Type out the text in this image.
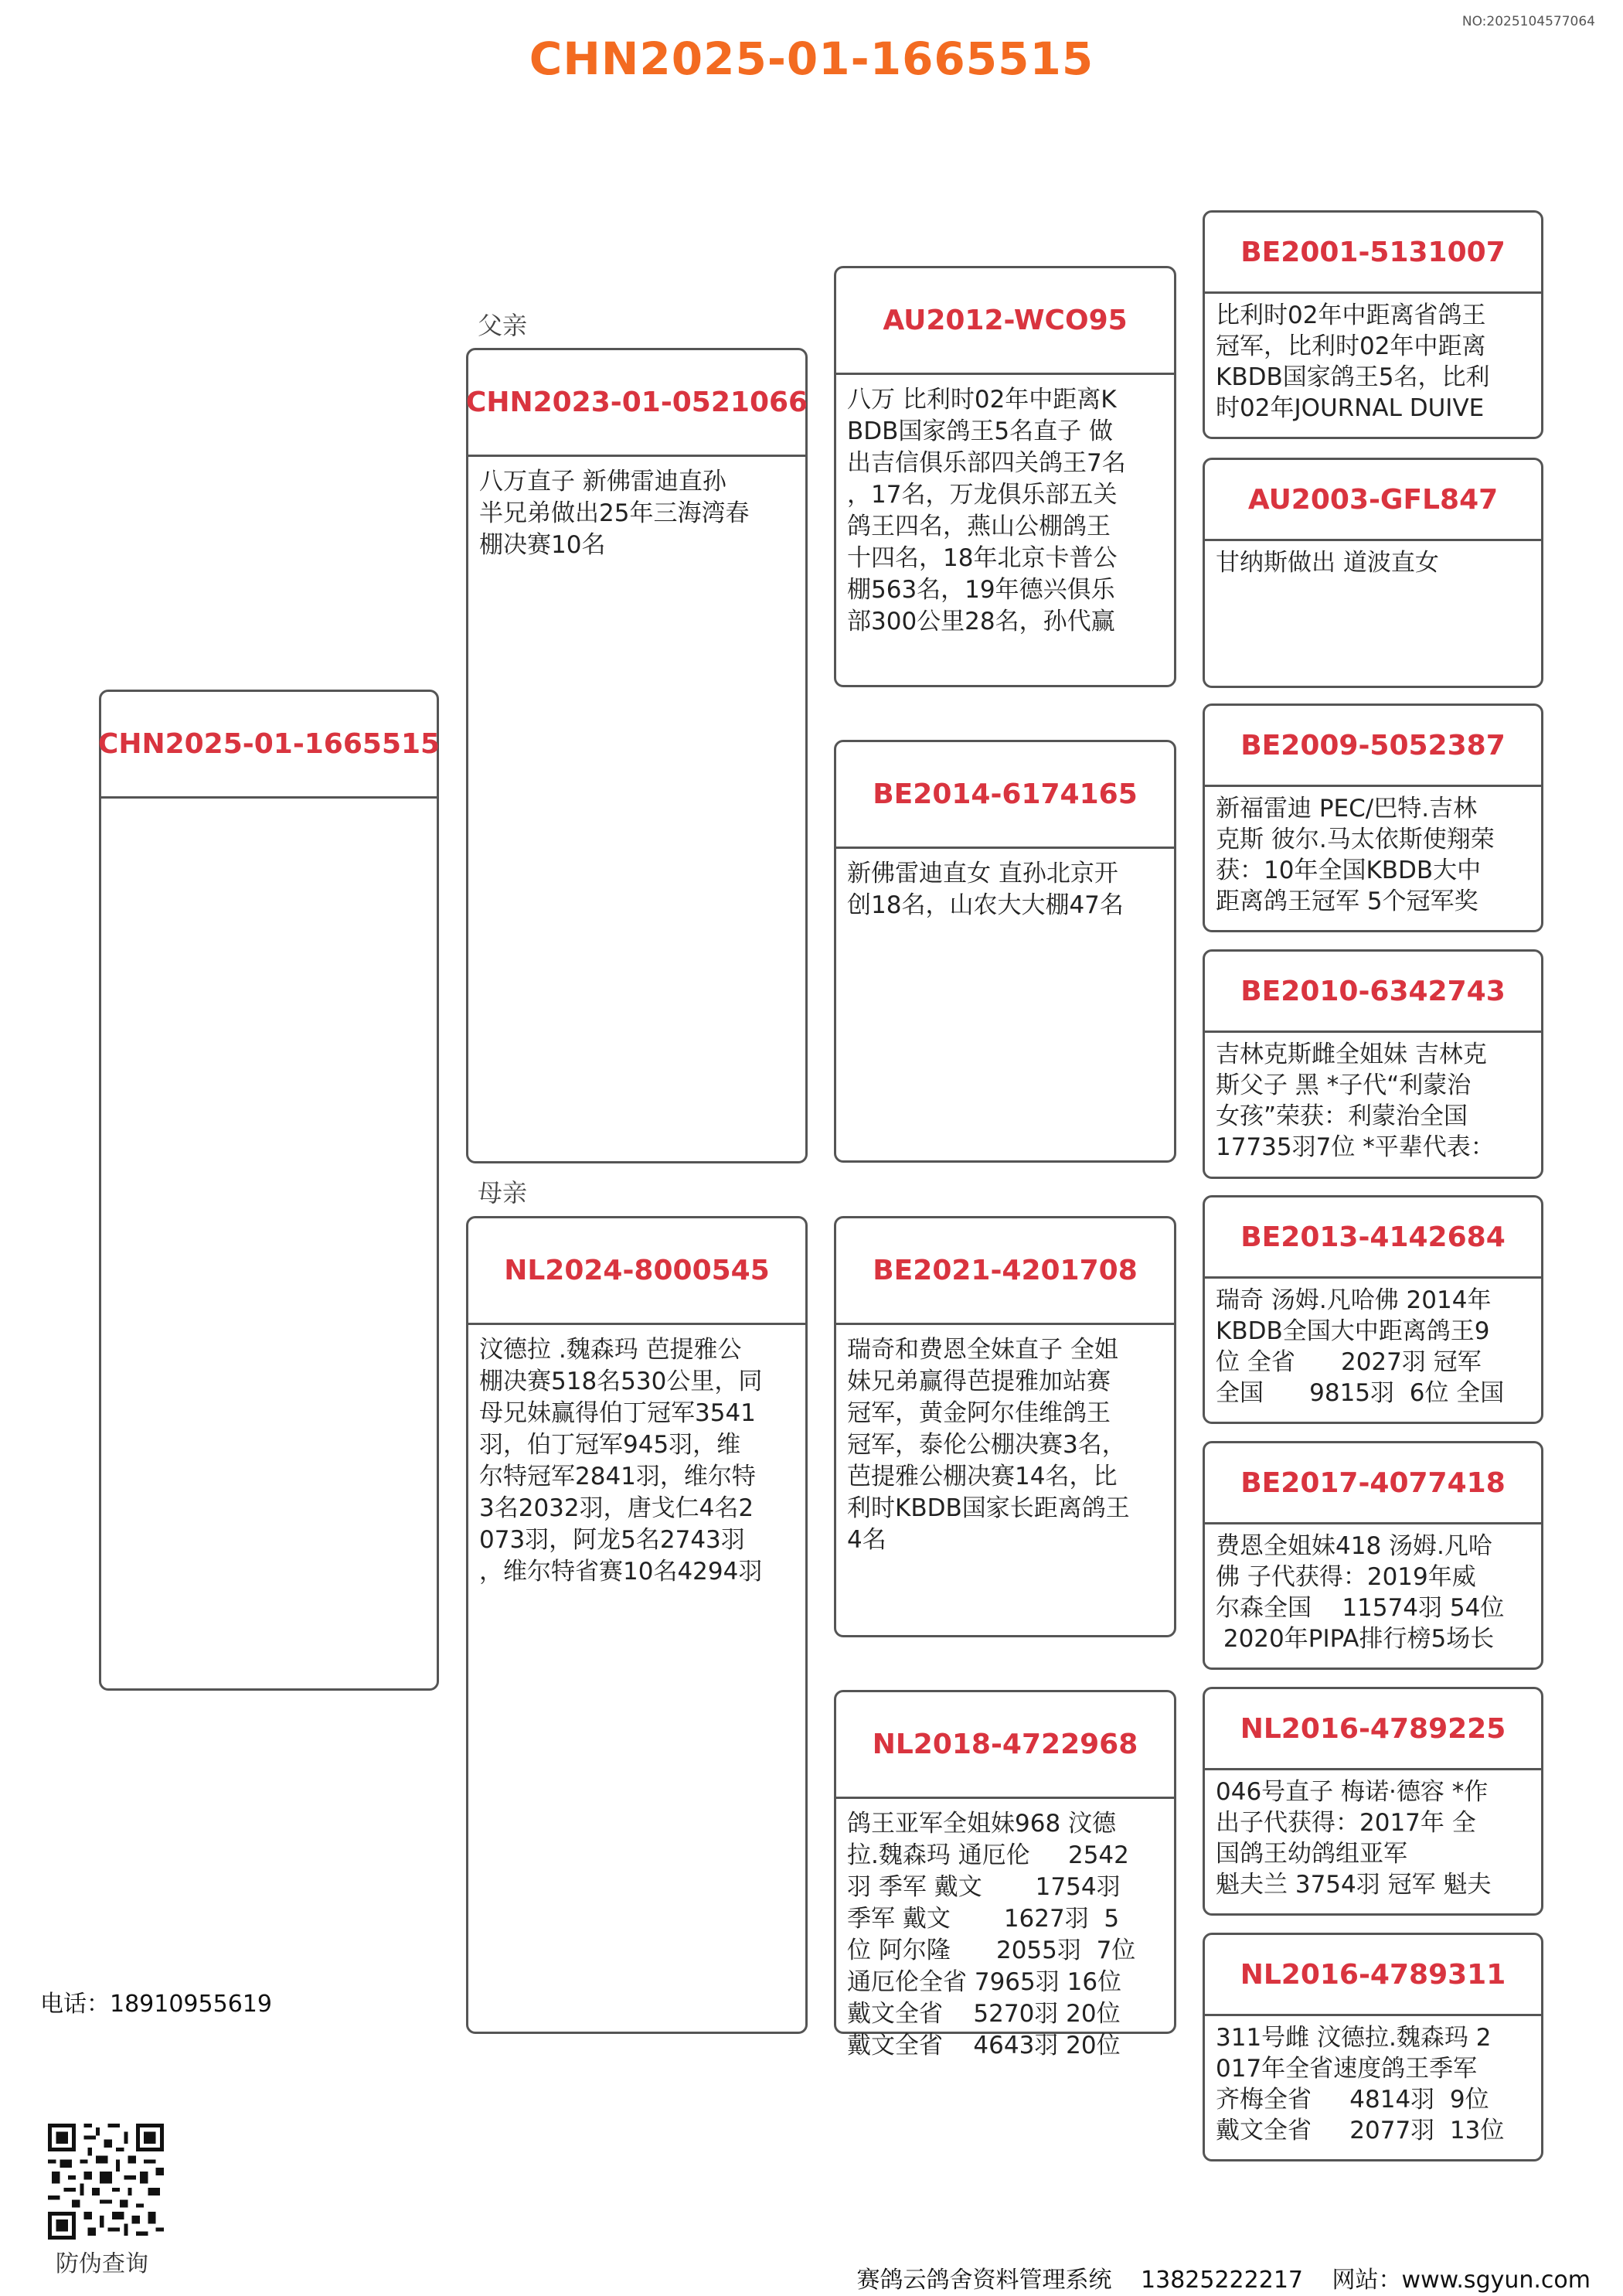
NO:2025104577064
CHN2025-01-1665515
CHN2025-01-1665515
父亲
CHN2023-01-0521066
八万直子 新佛雷迪直孙
半兄弟做出25年三海湾春
棚决赛10名
母亲
NL2024-8000545
汶德拉 .魏森玛 芭提雅公
棚决赛518名530公里，同
母兄妹赢得伯丁冠军3541
羽，伯丁冠军945羽，维
尔特冠军2841羽，维尔特
3名2032羽，唐戈仁4名2
073羽，阿龙5名2743羽
，维尔特省赛10名4294羽
AU2012-WCO95
八万 比利时02年中距离K
BDB国家鸽王5名直子 做
出吉信俱乐部四关鸽王7名
，17名，万龙俱乐部五关
鸽王四名，燕山公棚鸽王
十四名，18年北京卡普公
棚563名，19年德兴俱乐
部300公里28名，孙代赢
BE2014-6174165
新佛雷迪直女 直孙北京开
创18名，山农大大棚47名
BE2021-4201708
瑞奇和费恩全妹直子 全姐
妹兄弟赢得芭提雅加站赛
冠军，黄金阿尔佳维鸽王
冠军，泰伦公棚决赛3名，
芭提雅公棚决赛14名，比
利时KBDB国家长距离鸽王
4名
NL2018-4722968
鸽王亚军全姐妹968 汶德
拉.魏森玛 通厄伦     2542
羽 季军 戴文       1754羽
季军 戴文       1627羽  5
位 阿尔隆      2055羽  7位
通厄伦全省 7965羽 16位
戴文全省    5270羽 20位
戴文全省    4643羽 20位
BE2001-5131007
比利时02年中距离省鸽王
冠军，比利时02年中距离
KBDB国家鸽王5名，比利
时02年JOURNAL DUIVE
AU2003-GFL847
甘纳斯做出 道波直女
BE2009-5052387
新福雷迪 PEC/巴特.吉林
克斯 彼尔.马太依斯使翔荣
获：10年全国KBDB大中
距离鸽王冠军 5个冠军奖
BE2010-6342743
吉林克斯雌全姐妹 吉林克
斯父子 黑 *子代“利蒙治
女孩”荣获：利蒙治全国
17735羽7位 *平辈代表：
BE2013-4142684
瑞奇 汤姆.凡哈佛 2014年
KBDB全国大中距离鸽王9
位 全省      2027羽 冠军
全国      9815羽  6位 全国
BE2017-4077418
费恩全姐妹418 汤姆.凡哈
佛 子代获得：2019年威
尔森全国    11574羽 54位
2020年PIPA排行榜5场长
NL2016-4789225
046号直子 梅诺·德容 *作
出子代获得：2017年 全
国鸽王幼鸽组亚军
魁夫兰 3754羽 冠军 魁夫
NL2016-4789311
311号雌 汶德拉.魏森玛 2
017年全省速度鸽王季军
齐梅全省     4814羽  9位
戴文全省     2077羽  13位
电话：18910955619
防伪查询
赛鸽云鸽舍资料管理系统 13825222217 网站：www.sgyun.com
